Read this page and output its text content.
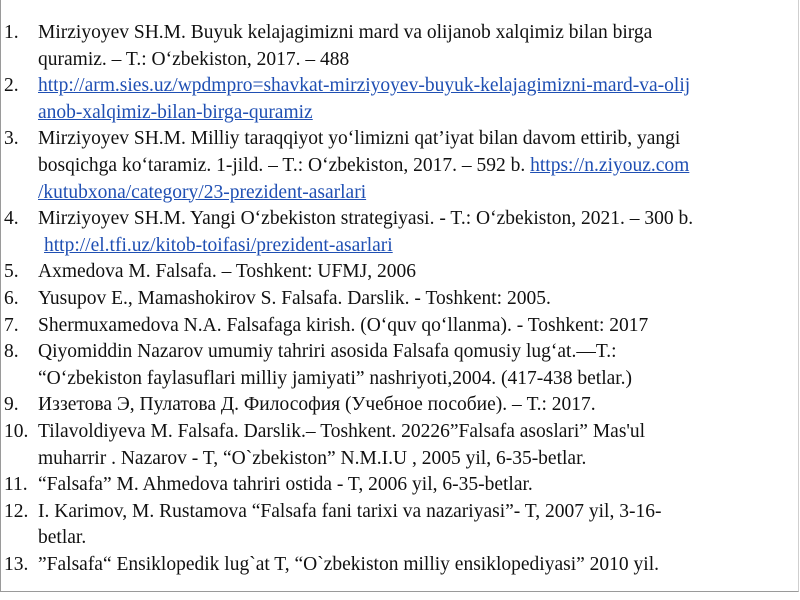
1. Mirziyoyev SH.M. Buyuk kelajagimizni mard va olijanob xalqimiz bilan birga
quramiz. – T.: O‘zbekiston, 2017. – 488
2. http://arm.sies.uz/wpdmpro=shavkat-mirziyoyev-buyuk-kelajagimizni-mard-va-olij
anob-xalqimiz-bilan-birga-quramiz
3. Mirziyoyev SH.M. Milliy taraqqiyot yo‘limizni qat’iyat bilan davom ettirib, yangi
bosqichga ko‘taramiz. 1-jild. – T.: O‘zbekiston, 2017. – 592 b. https://n.ziyouz.com
/kutubxona/category/23-prezident-asarlari
4. Mirziyoyev SH.M. Yangi O‘zbekiston strategiyasi. - T.: O‘zbekiston, 2021. – 300 b.
http://el.tfi.uz/kitob-toifasi/prezident-asarlari
5. Axmedova M. Falsafa. – Toshkent: UFMJ, 2006
6. Yusupov E., Mamashokirov S. Falsafa. Darslik. - Toshkent: 2005.
7. Shermuxamedova N.A. Falsafaga kirish. (O‘quv qo‘llanma). - Toshkent: 2017
8. Qiyomiddin Nazarov umumiy tahriri asosida Falsafa qomusiy lug‘at.—T.:
“O‘zbekiston faylasuflari milliy jamiyati” nashriyoti,2004. (417-438 betlar.)
9. Иззетова Э, Пулатова Д. Философия (Учебное пособие). – Т.: 2017.
10. Tilavoldiyeva M. Falsafa. Darslik.– Toshkent. 20226”Falsafa asoslari” Mas'ul
muharrir . Nazarov - T, “O`zbekiston” N.M.I.U , 2005 yil, 6-35-betlar.
11. “Falsafa” M. Ahmedova tahriri ostida - T, 2006 yil, 6-35-betlar.
12. I. Karimov, M. Rustamova “Falsafa fani tarixi va nazariyasi”- T, 2007 yil, 3-16-
betlar.
13. ”Falsafa“ Ensiklopedik lug`at T, “O`zbekiston milliy ensiklopediyasi” 2010 yil.
